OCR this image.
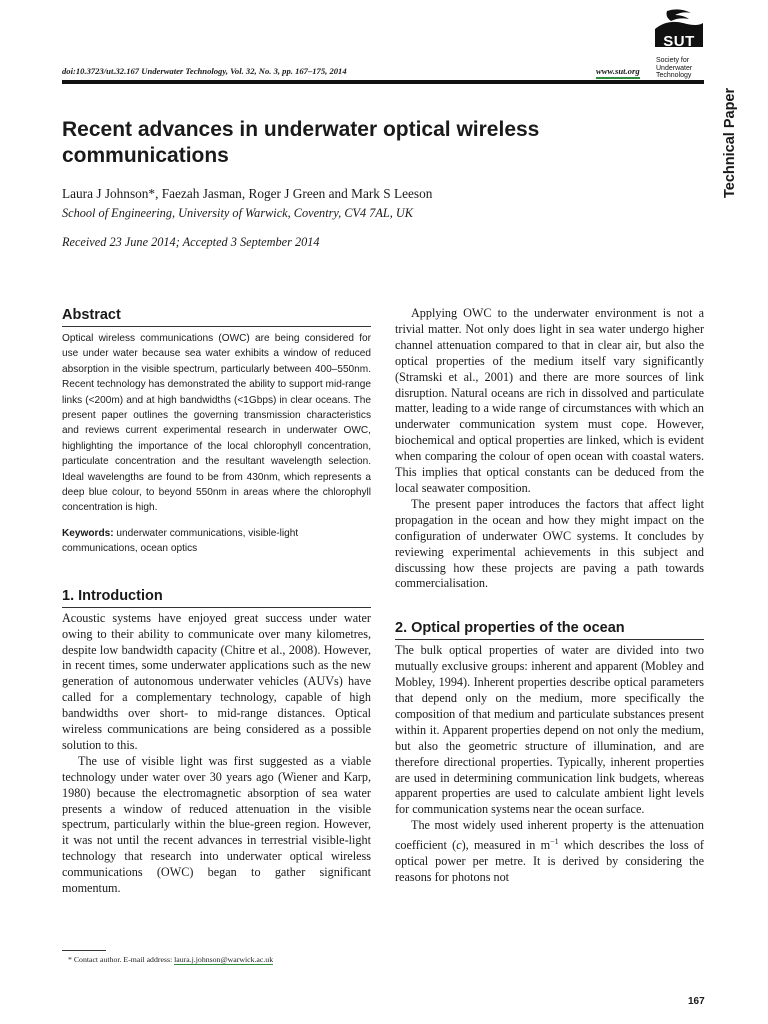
doi:10.3723/ut.32.167 Underwater Technology, Vol. 32, No. 3, pp. 167–175, 2014	www.sut.org
SUT
Society for
Underwater
Technology
Technical Paper
Recent advances in underwater optical wireless communications
Laura J Johnson*, Faezah Jasman, Roger J Green and Mark S Leeson
School of Engineering, University of Warwick, Coventry, CV4 7AL, UK
Received 23 June 2014; Accepted 3 September 2014
Abstract

Optical wireless communications (OWC) are being considered for use under water because sea water exhibits a window of reduced absorption in the visible spectrum, particularly between 400–550nm. Recent technology has demonstrated the ability to support mid-range links (<200m) and at high bandwidths (<1Gbps) in clear oceans. The present paper outlines the governing transmission characteristics and reviews current experimental research in underwater OWC, highlighting the importance of the local chlorophyll concentration, particulate concentration and the resultant wavelength selection. Ideal wavelengths are found to be from 430nm, which represents a deep blue colour, to beyond 550nm in areas where the chlorophyll concentration is high.

Keywords: underwater communications, visible-light communications, ocean optics

1. Introduction

Acoustic systems have enjoyed great success under water owing to their ability to communicate over many kilometres, despite low bandwidth capacity (Chitre et al., 2008). However, in recent times, some underwater applications such as the new generation of autonomous underwater vehicles (AUVs) have called for a complementary technology, capable of high bandwidths over short- to mid-range distances. Optical wireless communications are being considered as a possible solution to this.

The use of visible light was first suggested as a viable technology under water over 30 years ago (Wiener and Karp, 1980) because the electromagnetic absorption of sea water presents a window of reduced attenuation in the visible spectrum, particularly within the blue-green region. However, it was not until the recent advances in terrestrial visible-light technology that research into underwater optical wireless communications (OWC) began to gather significant momentum.

* Contact author. E-mail address: laura.j.johnson@warwick.ac.uk

Applying OWC to the underwater environment is not a trivial matter. Not only does light in sea water undergo higher channel attenuation compared to that in clear air, but also the optical properties of the medium itself vary significantly (Stramski et al., 2001) and there are more sources of link disruption. Natural oceans are rich in dissolved and particulate matter, leading to a wide range of circumstances with which an underwater communication system must cope. However, biochemical and optical properties are linked, which is evident when comparing the colour of open ocean with coastal waters. This implies that optical constants can be deduced from the local seawater composition.

The present paper introduces the factors that affect light propagation in the ocean and how they might impact on the configuration of underwater OWC systems. It concludes by reviewing experimental achievements in this subject and discussing how these projects are paving a path towards commercialisation.

2. Optical properties of the ocean

The bulk optical properties of water are divided into two mutually exclusive groups: inherent and apparent (Mobley and Mobley, 1994). Inherent properties describe optical parameters that depend only on the medium, more specifically the composition of that medium and particulate substances present within it. Apparent properties depend on not only the medium, but also the geometric structure of illumination, and are therefore directional properties. Typically, inherent properties are used in determining communication link budgets, whereas apparent properties are used to calculate ambient light levels for communication systems near the ocean surface.

The most widely used inherent property is the attenuation coefficient (c), measured in $m^{-1}$ which describes the loss of optical power per metre. It is derived by considering the reasons for photons not

167
